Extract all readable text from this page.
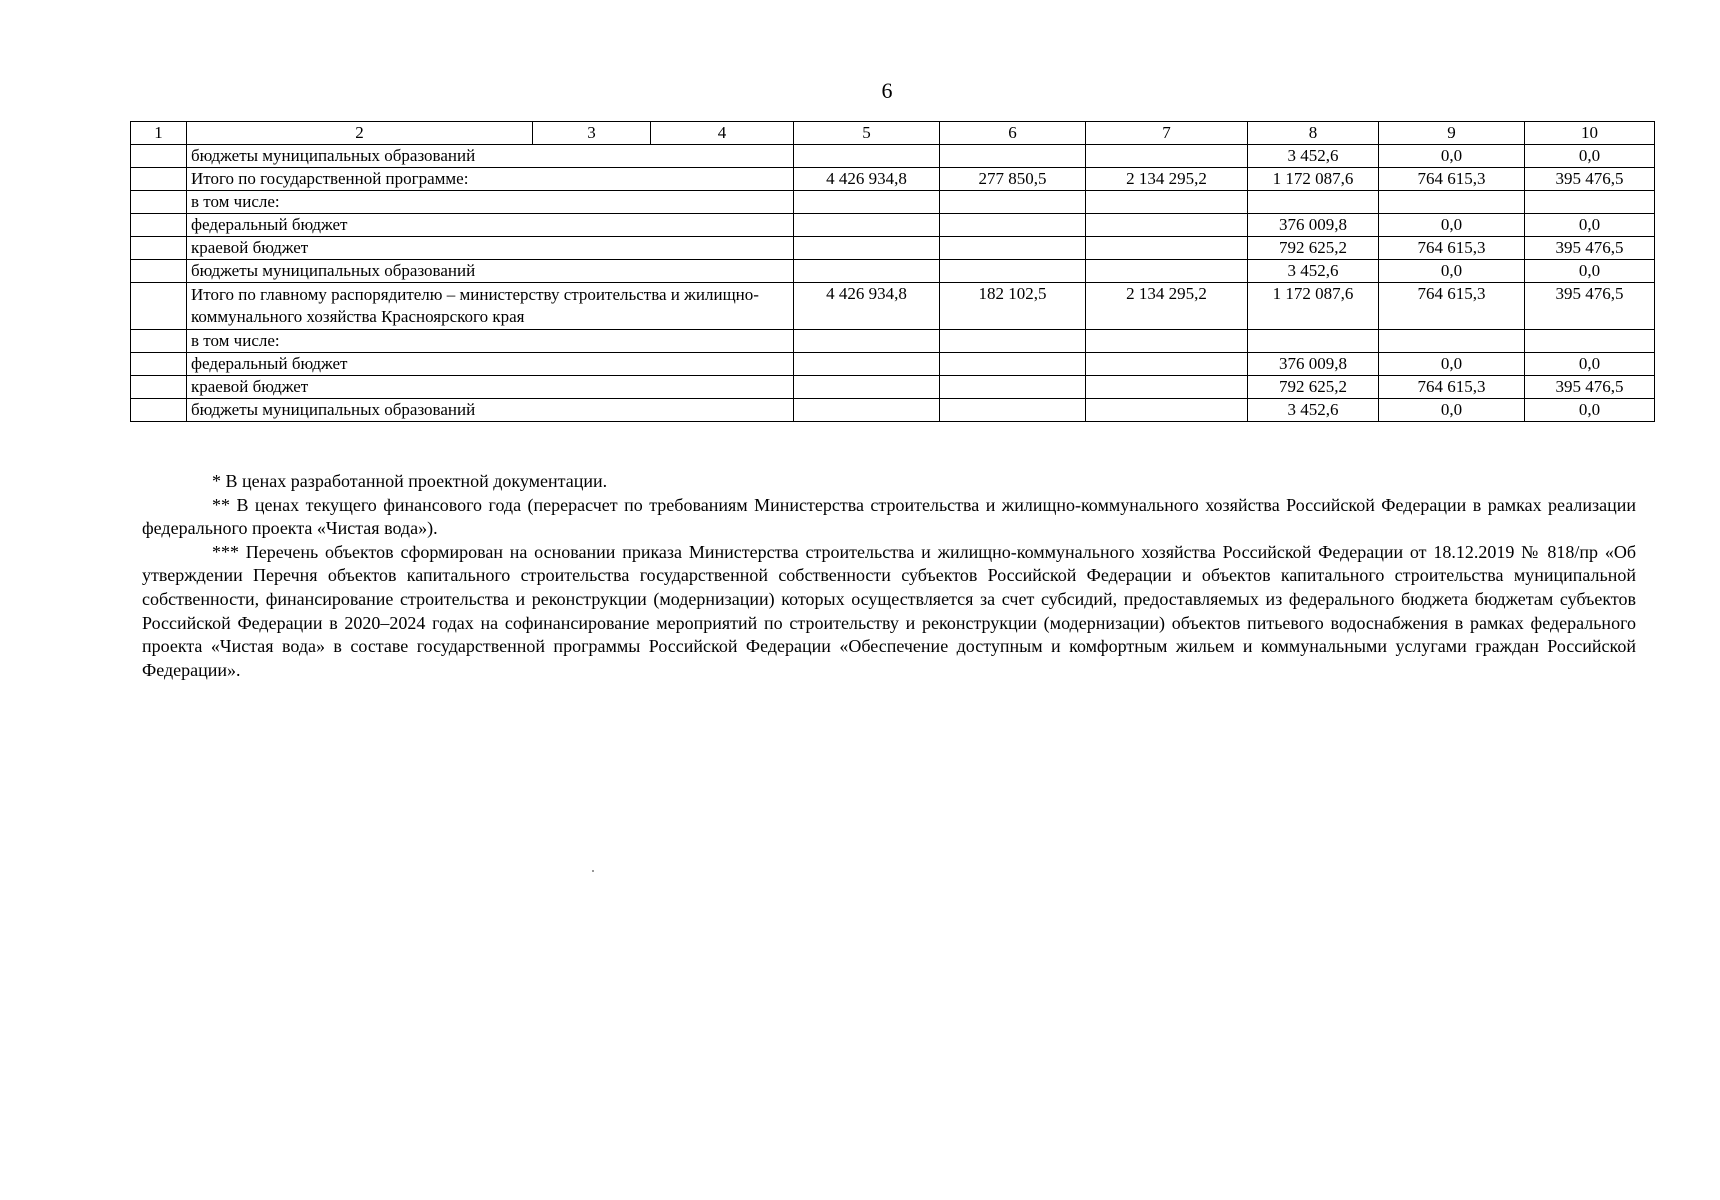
6
1	2	3	4	5	6	7	8	9	10
	бюджеты муниципальных образований						3 452,6	0,0	0,0
	Итого по государственной программе:			4 426 934,8	277 850,5	2 134 295,2	1 172 087,6	764 615,3	395 476,5
	в том числе:								
	федеральный бюджет						376 009,8	0,0	0,0
	краевой бюджет						792 625,2	764 615,3	395 476,5
	бюджеты муниципальных образований						3 452,6	0,0	0,0
	Итого по главному распорядителю – министерству строительства и жилищно-коммунального хозяйства Красноярского края			4 426 934,8	182 102,5	2 134 295,2	1 172 087,6	764 615,3	395 476,5
	в том числе:								
	федеральный бюджет						376 009,8	0,0	0,0
	краевой бюджет						792 625,2	764 615,3	395 476,5
	бюджеты муниципальных образований						3 452,6	0,0	0,0

* В ценах разработанной проектной документации.

** В ценах текущего финансового года (перерасчет по требованиям Министерства строительства и жилищно-коммунального хозяйства Российской Федерации в рамках реализации федерального проекта «Чистая вода»).

*** Перечень объектов сформирован на основании приказа Министерства строительства и жилищно-коммунального хозяйства Российской Федерации от 18.12.2019 № 818/пр «Об утверждении Перечня объектов капитального строительства государственной собственности субъектов Российской Федерации и объектов капитального строительства муниципальной собственности, финансирование строительства и реконструкции (модернизации) которых осуществляется за счет субсидий, предоставляемых из федерального бюджета бюджетам субъектов Российской Федерации в 2020–2024 годах на софинансирование мероприятий по строительству и реконструкции (модернизации) объектов питьевого водоснабжения в рамках федерального проекта «Чистая вода» в составе государственной программы Российской Федерации «Обеспечение доступным и комфортным жильем и коммунальными услугами граждан Российской Федерации».
